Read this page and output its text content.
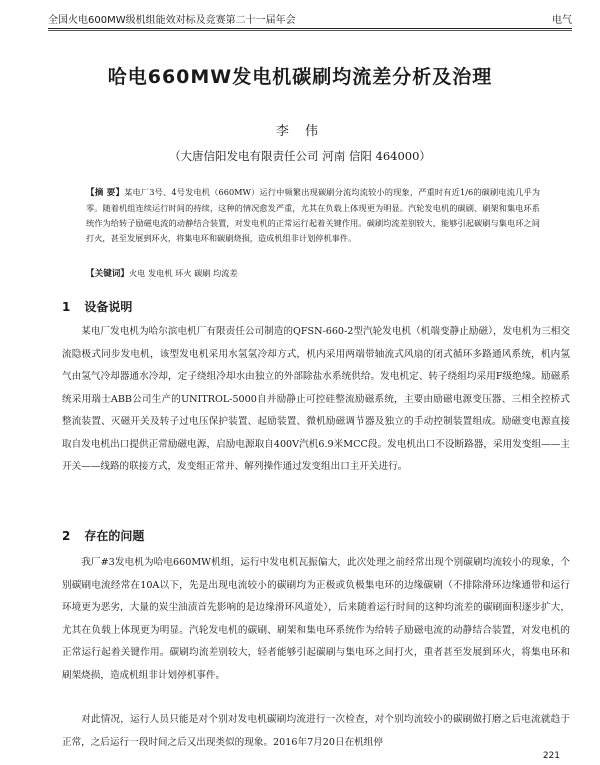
全国火电600MW级机组能效对标及竞赛第二十一届年会	电气
哈电660MW发电机碳刷均流差分析及治理
李 伟
（大唐信阳发电有限责任公司 河南 信阳 464000）
【摘 要】某电厂3号、4号发电机（660MW）运行中频繁出现碳刷分流均流较小的现象，严重时有近1/6的碳刷电流几乎为零。随着机组连续运行时间的持续，这种的情况愈发严重，尤其在负载上体现更为明显。汽轮发电机的碳刷、刷架和集电环系统作为给转子励磁电流的动静结合装置，对发电机的正常运行起着关键作用。碳刷均流差别较大，能够引起碳刷与集电环之间打火，甚至发展到环火，将集电环和碳刷烧损，造成机组非计划停机事件。
【关键词】火电 发电机 环火 碳刷 均流差
1 设备说明
某电厂发电机为哈尔滨电机厂有限责任公司制造的QFSN-660-2型汽轮发电机（机端变静止励磁），发电机为三相交流隐极式同步发电机，该型发电机采用水氢氢冷却方式，机内采用两端带轴流式风扇的闭式循环多路通风系统，机内氢气由氢气冷却器通水冷却，定子绕组冷却水由独立的外部除盐水系统供给。发电机定、转子绕组均采用F级绝缘。励磁系统采用瑞士ABB公司生产的UNITROL-5000自并励静止可控硅整流励磁系统，主要由励磁电源变压器、三相全控桥式整流装置、灭磁开关及转子过电压保护装置、起励装置、微机励磁调节器及独立的手动控制装置组成。励磁变电源直接取自发电机出口提供正常励磁电源，启励电源取自400V汽机6.9米MCC段。发电机出口不设断路器，采用发变组——主开关——线路的联接方式，发变组正常并、解列操作通过发变组出口主开关进行。
2 存在的问题
我厂#3发电机为哈电660MW机组，运行中发电机瓦振偏大，此次处理之前经常出现个别碳刷均流较小的现象，个别碳刷电流经常在10A以下，先是出现电流较小的碳刷均为正极或负极集电环的边缘碳刷（不排除滑环边缘通带和运行环境更为恶劣，大量的炭尘油渍首先影响的是边缘滑环风道处），后来随着运行时间的这种均流差的碳刷面积逐步扩大，尤其在负载上体现更为明显。汽轮发电机的碳刷、刷架和集电环系统作为给转子励磁电流的动静结合装置，对发电机的正常运行起着关键作用。碳刷均流差别较大，轻者能够引起碳刷与集电环之间打火，重者甚至发展到环火，将集电环和刷架烧损，造成机组非计划停机事件。
对此情况，运行人员只能是对个别对发电机碳刷均流进行一次检查，对个别均流较小的碳刷做打磨之后电流就趋于正常，之后运行一段时间之后又出现类似的现象。2016年7月20日在机组停
221
